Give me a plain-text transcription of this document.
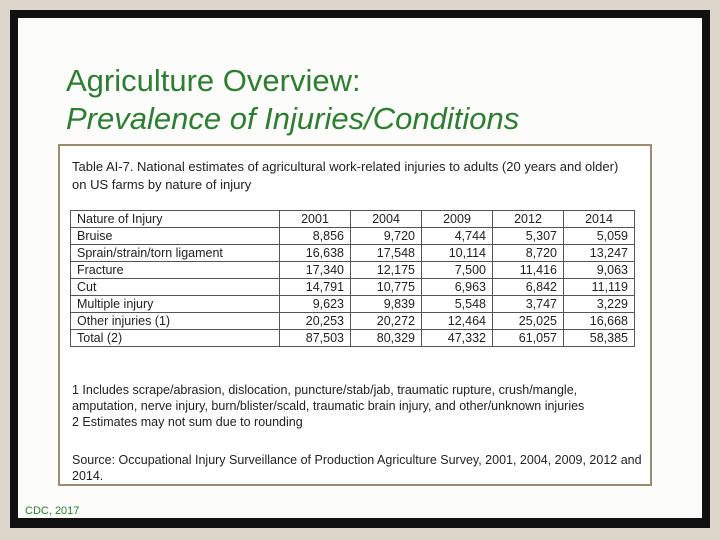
Agriculture Overview:
Prevalence of Injuries/Conditions
Table AI-7. National estimates of agricultural work-related injuries to adults (20 years and older) on US farms by nature of injury
Nature of Injury	2001	2004	2009	2012	2014
Bruise	8,856	9,720	4,744	5,307	5,059
Sprain/strain/torn ligament	16,638	17,548	10,114	8,720	13,247
Fracture	17,340	12,175	7,500	11,416	9,063
Cut	14,791	10,775	6,963	6,842	11,119
Multiple injury	9,623	9,839	5,548	3,747	3,229
Other injuries (1)	20,253	20,272	12,464	25,025	16,668
Total (2)	87,503	80,329	47,332	61,057	58,385
1 Includes scrape/abrasion, dislocation, puncture/stab/jab, traumatic rupture, crush/mangle,
amputation, nerve injury, burn/blister/scald, traumatic brain injury, and other/unknown injuries
2 Estimates may not sum due to rounding
Source: Occupational Injury Surveillance of Production Agriculture Survey, 2001, 2004, 2009, 2012 and 2014.
CDC, 2017
